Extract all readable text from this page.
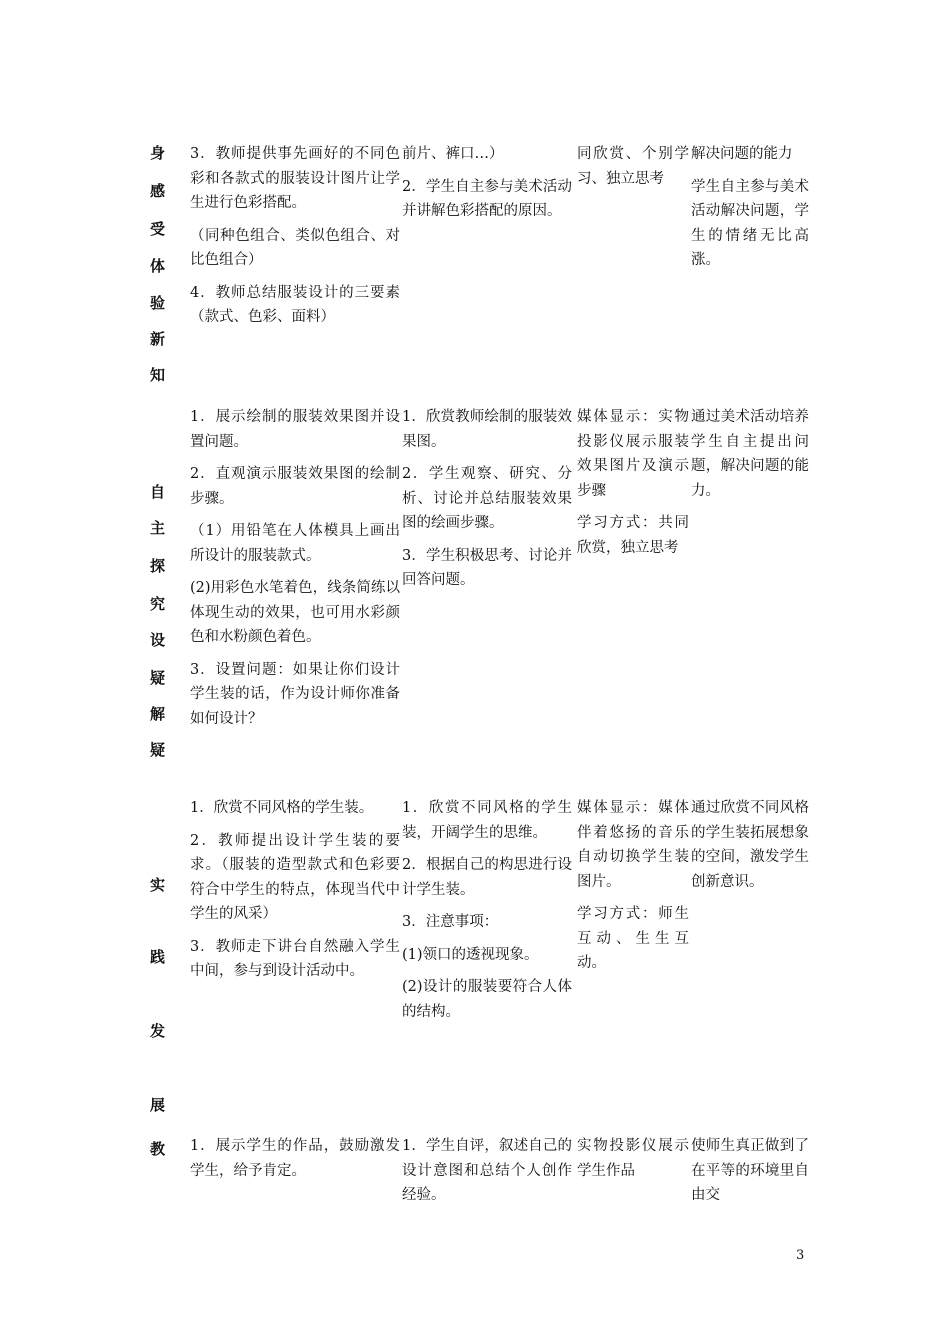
身
感
受
体
验
新
知

3．教师提供事先画好的不同色彩和各款式的服装设计图片让学生进行色彩搭配。

（同种色组合、类似色组合、对比色组合）

4．教师总结服装设计的三要素（款式、色彩、面料）

前片、裤口…）

2．学生自主参与美术活动并讲解色彩搭配的原因。

同欣赏、个别学习、独立思考

解决问题的能力

学生自主参与美术活动解决问题，学生的情绪无比高涨。

自
主
探
究
设
疑
解
疑

1．展示绘制的服装效果图并设置问题。

2．直观演示服装效果图的绘制步骤。

（1）用铅笔在人体模具上画出所设计的服装款式。

(2)用彩色水笔着色，线条简练以体现生动的效果，也可用水彩颜色和水粉颜色着色。

3．设置问题：如果让你们设计学生装的话，作为设计师你准备如何设计？

1．欣赏教师绘制的服装效果图。

2．学生观察、研究、分析、讨论并总结服装效果图的绘画步骤。

3．学生积极思考、讨论并回答问题。

媒体显示：实物投影仪展示服装效果图片及演示步骤

学习方式：共同欣赏，独立思考

通过美术活动培养学生自主提出问题，解决问题的能力。

实
践
发
展

1．欣赏不同风格的学生装。

2．教师提出设计学生装的要求。（服装的造型款式和色彩要符合中学生的特点，体现当代中学生的风采）

3．教师走下讲台自然融入学生中间，参与到设计活动中。

1．欣赏不同风格的学生装，开阔学生的思维。

2．根据自己的构思进行设计学生装。

3．注意事项：

(1)领口的透视现象。

(2)设计的服装要符合人体的结构。

媒体显示：媒体伴着悠扬的音乐自动切换学生装图片。

学习方式：师生互动、生生互动。

通过欣赏不同风格的学生装拓展想象的空间，激发学生创新意识。

教 1．展示学生的作品，鼓励激发学生，给予肯定。

1．学生自评，叙述自己的设计意图和总结个人创作经验。

实物投影仪展示学生作品

使师生真正做到了在平等的环境里自由交

3
